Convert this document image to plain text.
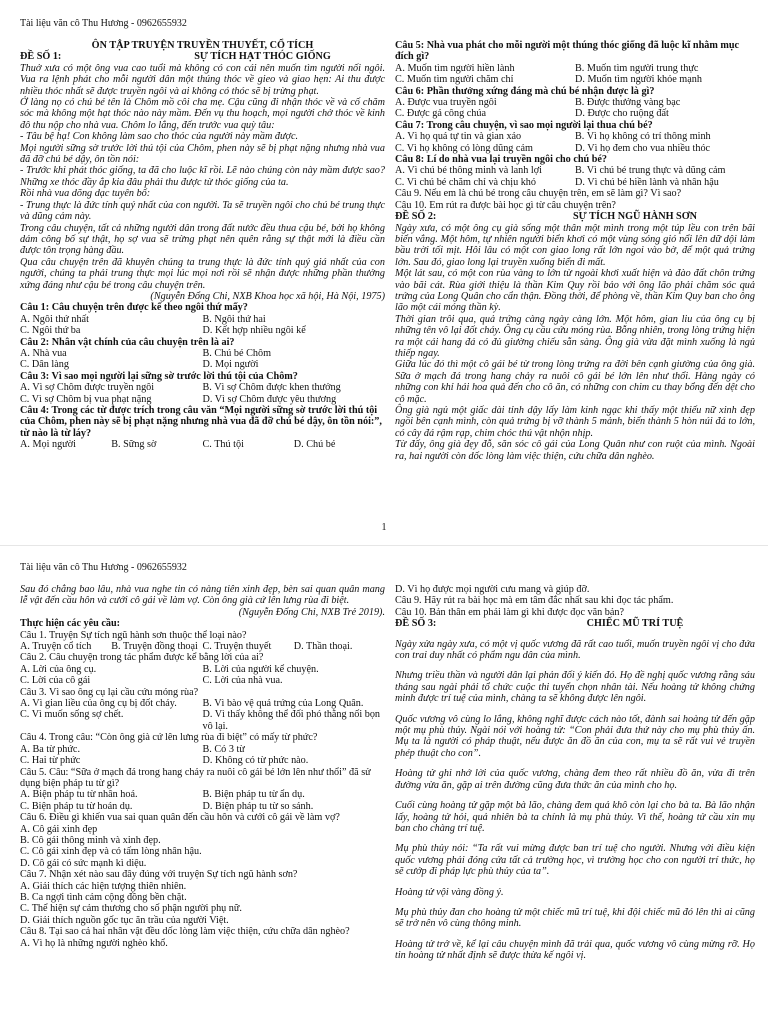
Tài liệu văn cô Thu Hương - 0962655932

ÔN TẬP TRUYỆN TRUYỀN THUYẾT, CỔ TÍCH

ĐỀ SỐ 1:	SỰ TÍCH HẠT THÓC GIỐNG

Thuở xưa có một ông vua cao tuổi mà không có con cái nên muốn tìm người nối ngôi. Vua ra lệnh phát cho mỗi người dân một thúng thóc về gieo và giao hẹn: Ai thu được nhiều thóc nhất sẽ được truyền ngôi và ai không có thóc sẽ bị trừng phạt.

Ở làng nọ có chú bé tên là Chôm mồ côi cha mẹ. Cậu cũng đi nhận thóc về và cố chăm sóc mà không một hạt thóc nào này mầm. Đến vụ thu hoạch, mọi người chở thóc về kinh đô thu nộp cho nhà vua. Chôm lo lắng, đến trước vua quỳ tâu:

- Tâu bệ hạ! Con không làm sao cho thóc của người này mầm được.

Mọi người sững sờ trước lời thú tội của Chôm, phen này sẽ bị phạt nặng nhưng nhà vua đã đỡ chú bé dậy, ôn tồn nói:

- Trước khi phát thóc giống, ta đã cho luộc kĩ rồi. Lẽ nào chúng còn này mầm được sao? Những xe thóc đầy ắp kia đâu phải thu được từ thóc giống của ta.

Rồi nhà vua dõng dạc tuyên bố:

- Trung thực là đức tính quý nhất của con người. Ta sẽ truyền ngôi cho chú bé trung thực và dũng cảm này.

Trong câu chuyện, tất cả những người dân trong đất nước đều thua cậu bé, bởi họ không dám công bố sự thật, họ sợ vua sẽ trừng phạt nên quên rằng sự thật mới là điều cần được tôn trọng hàng đầu.

Qua câu chuyện trên đã khuyên chúng ta trung thực là đức tính quý giá nhất của con người, chúng ta phải trung thực mọi lúc mọi nơi rồi sẽ nhận được những phần thưởng xứng đáng như cậu bé trong câu chuyện trên.

(Nguyễn Đổng Chi, NXB Khoa học xã hội, Hà Nội, 1975)

Câu 1: Câu chuyện trên được kể theo ngôi thứ mấy?

A. Ngôi thứ nhất	B. Ngôi thứ hai

C. Ngôi thứ ba	D. Kết hợp nhiều ngôi kể

Câu 2: Nhân vật chính của câu chuyện trên là ai?

A. Nhà vua	B. Chú bé Chôm

C. Dân làng	D. Mọi người

Câu 3: Vì sao mọi người lại sững sờ trước lời thú tội của Chôm?

A. Vì sợ Chôm được truyền ngôi	B. Vì sợ Chôm được khen thưởng

C. Vì sợ Chôm bị vua phạt nặng	D. Vì sợ Chôm được yêu thương

Câu 4: Trong các từ được trích trong câu văn “Mọi người sững sờ trước lời thú tội của Chôm, phen này sẽ bị phạt nặng nhưng nhà vua đã đỡ chú bé dậy, ôn tồn nói:”, từ nào là từ láy?

A. Mọi người	B. Sững sờ	C. Thú tội	D. Chú bé

Câu 5: Nhà vua phát cho mỗi người một thúng thóc giống đã luộc kĩ nhằm mục đích gì?

A. Muốn tìm người hiền lành	B. Muốn tìm người trung thực

C. Muốn tìm người chăm chỉ	D. Muốn tìm người khỏe mạnh

Câu 6: Phần thưởng xứng đáng mà chú bé nhận được là gì?

A. Được vua truyền ngôi	B. Được thưởng vàng bạc

C. Được gả công chúa	D. Được cho ruộng đất

Câu 7: Trong câu chuyện, vì sao mọi người lại thua chú bé?

A. Vì họ quá tự tin và gian xảo	B. Vì họ không có trí thông minh

C. Vì họ không có lòng dũng cảm	D. Vì họ đem cho vua nhiều thóc

Câu 8: Lí do nhà vua lại truyền ngôi cho chú bé?

A. Vì chú bé thông minh và lanh lợi	B. Vì chú bé trung thực và dũng cảm

C. Vì chú bé chăm chỉ và chịu khó	D. Vì chú bé hiền lành và nhân hậu

Câu 9. Nếu em là chú bé trong câu chuyện trên, em sẽ làm gì? Vì sao?

Câu 10. Em rút ra được bài học gì từ câu chuyện trên?

ĐỀ SỐ 2:	SỰ TÍCH NGŨ HÀNH SƠN

Ngày xưa, có một ông cụ già sống một thân một mình trong một túp lều con trên bãi biển vắng. Một hôm, tự nhiên người biển khơi có một vùng sóng gió nổi lên dữ dội làm bầu trời tối mịt. Hôi lâu có một con giao long rất lớn ngoi vào bờ, để một quả trứng lớn. Sau đó, giao long lại truyền xuống biển đi mất.

Một lát sau, có một con rùa vàng to lớn từ ngoài khơi xuất hiện và đào đất chôn trứng vào bãi cát. Rùa giới thiệu là thần Kim Quy rồi bảo với ông lão phải chăm sóc quả trứng của Long Quân cho cẩn thận. Đồng thời, để phòng về, thần Kim Quy ban cho ông lão một cái móng thần kỳ.

Thời gian trôi qua, quả trứng càng ngày càng lớn. Một hôm, gian liu của ông cụ bị những tên vô lại đốt cháy. Ông cụ cầu cứu móng rùa. Bỗng nhiên, trong lòng trứng hiện ra một cái hang đá có đủ giường chiếu sẵn sàng. Ông già vừa đặt mình xuống là ngủ thiếp ngay.

Giữa lúc đó thì một cô gái bé từ trong lòng trứng ra đời bên cạnh giường của ông già. Sữa ở mạch đá trong hang chảy ra nuôi cô gái bé lớn lên như thổi. Hàng ngày có những con khỉ hái hoa quả đến cho cô ăn, có những con chim cu thay bổng đến dệt cho cô mặc.

Ông già ngủ một giấc dài tỉnh dậy lấy làm kinh ngạc khi thấy một thiếu nữ xinh đẹp ngồi bên cạnh mình, còn quả trứng bị vỡ thành 5 mảnh, biến thành 5 hòn núi đá to lớn, có cây đá rậm rạp, chim chóc thú vật nhộn nhịp.

Từ đấy, ông già đẹy đỗ, săn sóc cô gái của Long Quân như con ruột của mình. Ngoài ra, hai người còn dốc lòng làm việc thiện, cứu chữa dân nghèo.

1
Tài liệu văn cô Thu Hương - 0962655932

Sau đó chẳng bao lâu, nhà vua nghe tin có nàng tiên xinh đẹp, bèn sai quan quân mang lễ vật đến cầu hôn và cưới cô gái về làm vợ. Còn ông già cứ lên lưng rùa đi biệt.

(Nguyễn Đổng Chi, NXB Trẻ 2019).

Thực hiện các yêu cầu:

Câu 1. Truyện Sự tích ngũ hành sơn thuộc thể loại nào?

A. Truyện cổ tích	B. Truyện đồng thoại C. Truyện thuyết	D. Thần thoại.

Câu 2. Câu chuyện trong tác phẩm được kể bằng lời của ai?

A. Lời của ông cụ.	B. Lời của người kể chuyện.

C. Lời của cô gái	C. Lời của nhà vua.

Câu 3. Vì sao ông cụ lại cầu cứu móng rùa?

A. Vì gian liều của ông cụ bị đốt cháy.	B. Vì bào vệ quả trứng của Long Quân.

C. Vì muốn sống sợ chết.	D. Vì thấy không thể đối phó thằng nối bọn vô lại.

Câu 4. Trong câu: “Còn ông già cứ lên lưng rùa đi biệt” có mấy từ phức?

A. Ba từ phức.	B. Có 3 từ

C. Hai từ phức	D. Không có từ phức nào.

Câu 5. Câu: “Sữa ở mạch đá trong hang chảy ra nuôi cô gái bé lớn lên như thổi” đã sử dụng biện pháp tu từ gì?

A. Biện pháp tu từ nhân hoá.	B. Biện pháp tu từ ẩn dụ.

C. Biện pháp tu từ hoán dụ.	D. Biện pháp tu từ so sánh.

Câu 6. Điều gì khiến vua sai quan quân đến cầu hôn và cưới cô gái về làm vợ?

A. Cô gái xinh đẹp

B. Cô gái thông minh và xinh đẹp.

C. Cô gái xinh đẹp và có tấm lòng nhân hậu.

D. Cô gái có sức mạnh kì diệu.

Câu 7. Nhận xét nào sau đây đúng với truyện Sự tích ngũ hành sơn?

A. Giải thích các hiện tượng thiên nhiên.

B. Ca ngợi tình cảm cộng đồng bền chặt.

C. Thể hiện sự cảm thương cho số phận người phụ nữ.

D. Giải thích nguồn gốc tục ăn trầu của người Việt.

Câu 8. Tại sao cả hai nhân vật đều dốc lòng làm việc thiện, cứu chữa dân nghèo?

A. Vì họ là những người nghèo khổ.

D. Vì họ được mọi người cưu mang và giúp đỡ.

Câu 9. Hãy rút ra bài học mà em tâm đắc nhất sau khi đọc tác phẩm.

Câu 10. Bản thân em phải làm gì khi được đọc văn bản?

ĐỀ SỐ 3:	CHIẾC MŨ TRÍ TUỆ

Ngày xửa ngày xưa, có một vị quốc vương đã rất cao tuổi, muốn truyền ngôi vị cho đứa con trai duy nhất có phẩm ngu dân của mình.

Nhưng triều thần và người dân lại phản đối ý kiến đó. Họ đề nghị quốc vương rằng sáu tháng sau ngài phải tổ chức cuộc thi tuyển chọn nhân tài. Nếu hoàng tử không chứng minh được trí tuệ của mình, chàng ta sẽ không được lên ngôi.

Quốc vương vô cùng lo lắng, không nghĩ được cách nào tốt, đành sai hoàng tử đến gặp một mụ phù thủy. Ngài nói với hoàng tử: “Con phải đưa thứ này cho mụ phù thủy ấn. Mụ ta là người có pháp thuật, nếu được ăn đồ ăn của con, mụ ta sẽ rất vui vẻ truyền phép thuật cho con”.

Hoàng tử ghi nhớ lời của quốc vương, chàng đem theo rất nhiều đồ ăn, vừa đi trên đường vừa ăn, gặp ai trên đường cũng đưa thức ăn của mình cho họ.

Cuối cùng hoàng tử gặp một bà lão, chàng đem quả khô còn lại cho bà ta. Bà lão nhận lấy, hoàng tử hỏi, quả nhiên bà ta chính là mụ phù thủy. Vì thế, hoàng tử cầu xin mụ ban cho chàng trí tuệ.

Mụ phù thủy nói: “Ta rất vui mừng được ban trí tuệ cho người. Nhưng với điều kiện quốc vương phải đóng cửa tất cả trường học, vì trường học cho con người trí thức, họ sẽ cướp đi pháp lực phù thủy của ta”.

Hoàng tử vội vàng đồng ý.

Mụ phù thủy đan cho hoàng tử một chiếc mũ trí tuệ, khi đội chiếc mũ đó lên thì ai cũng sẽ trở nên vô cùng thông minh.

Hoàng tử trở về, kể lại câu chuyện mình đã trải qua, quốc vương vô cùng mừng rỡ. Họ tin hoàng tử nhất định sẽ được thừa kế ngôi vị.
